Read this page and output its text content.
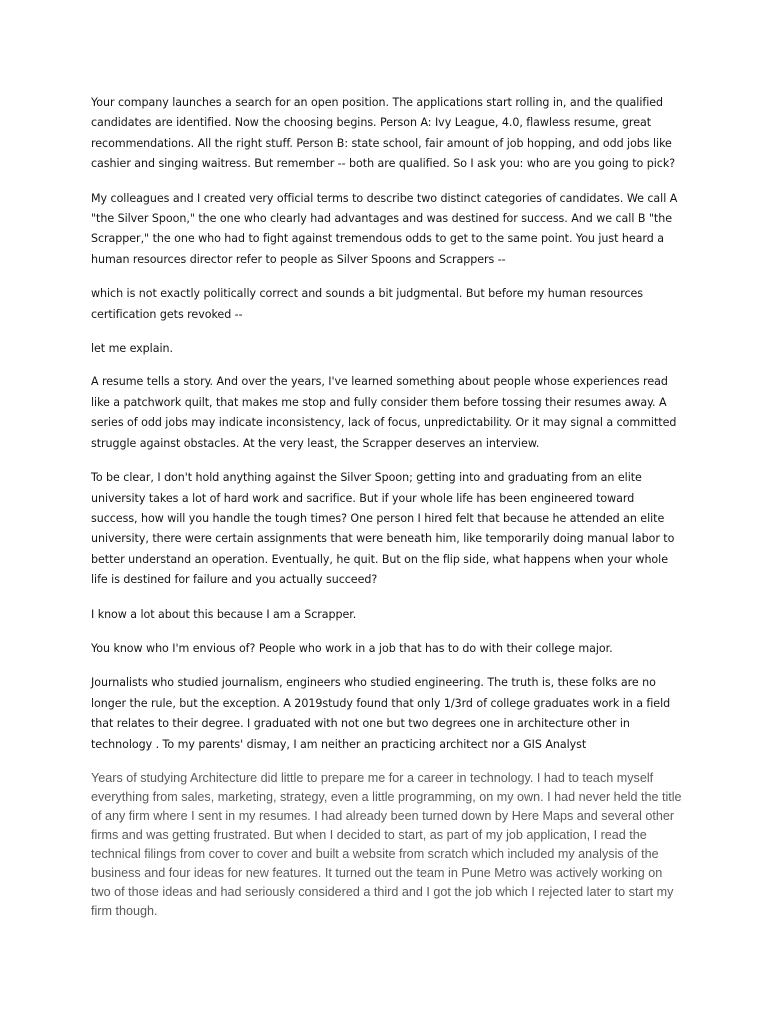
Your company launches a search for an open position. The applications start rolling in, and the qualified candidates are identified. Now the choosing begins. Person A: Ivy League, 4.0, flawless resume, great recommendations. All the right stuff. Person B: state school, fair amount of job hopping, and odd jobs like cashier and singing waitress. But remember -- both are qualified. So I ask you: who are you going to pick?

My colleagues and I created very official terms to describe two distinct categories of candidates. We call A "the Silver Spoon," the one who clearly had advantages and was destined for success. And we call B "the Scrapper," the one who had to fight against tremendous odds to get to the same point. You just heard a human resources director refer to people as Silver Spoons and Scrappers --

which is not exactly politically correct and sounds a bit judgmental. But before my human resources certification gets revoked --

let me explain.

A resume tells a story. And over the years, I've learned something about people whose experiences read like a patchwork quilt, that makes me stop and fully consider them before tossing their resumes away. A series of odd jobs may indicate inconsistency, lack of focus, unpredictability. Or it may signal a committed struggle against obstacles. At the very least, the Scrapper deserves an interview.

To be clear, I don't hold anything against the Silver Spoon; getting into and graduating from an elite university takes a lot of hard work and sacrifice. But if your whole life has been engineered toward success, how will you handle the tough times? One person I hired felt that because he attended an elite university, there were certain assignments that were beneath him, like temporarily doing manual labor to better understand an operation. Eventually, he quit. But on the flip side, what happens when your whole life is destined for failure and you actually succeed?

I know a lot about this because I am a Scrapper.

You know who I'm envious of? People who work in a job that has to do with their college major.

Journalists who studied journalism, engineers who studied engineering. The truth is, these folks are no longer the rule, but the exception. A 2019study found that only 1/3rd of college graduates work in a field that relates to their degree. I graduated with not one but two degrees one in architecture other in technology . To my parents' dismay, I am neither an practicing architect nor a GIS Analyst

Years of studying Architecture did little to prepare me for a career in technology. I had to teach myself everything from sales, marketing, strategy, even a little programming, on my own. I had never held the title of any firm where I sent in my resumes. I had already been turned down by Here Maps and several other firms and was getting frustrated. But when I decided to start, as part of my job application, I read the technical filings from cover to cover and built a website from scratch which included my analysis of the business and four ideas for new features. It turned out the team in Pune Metro was actively working on two of those ideas and had seriously considered a third and I got the job which I rejected later to start my firm though.
